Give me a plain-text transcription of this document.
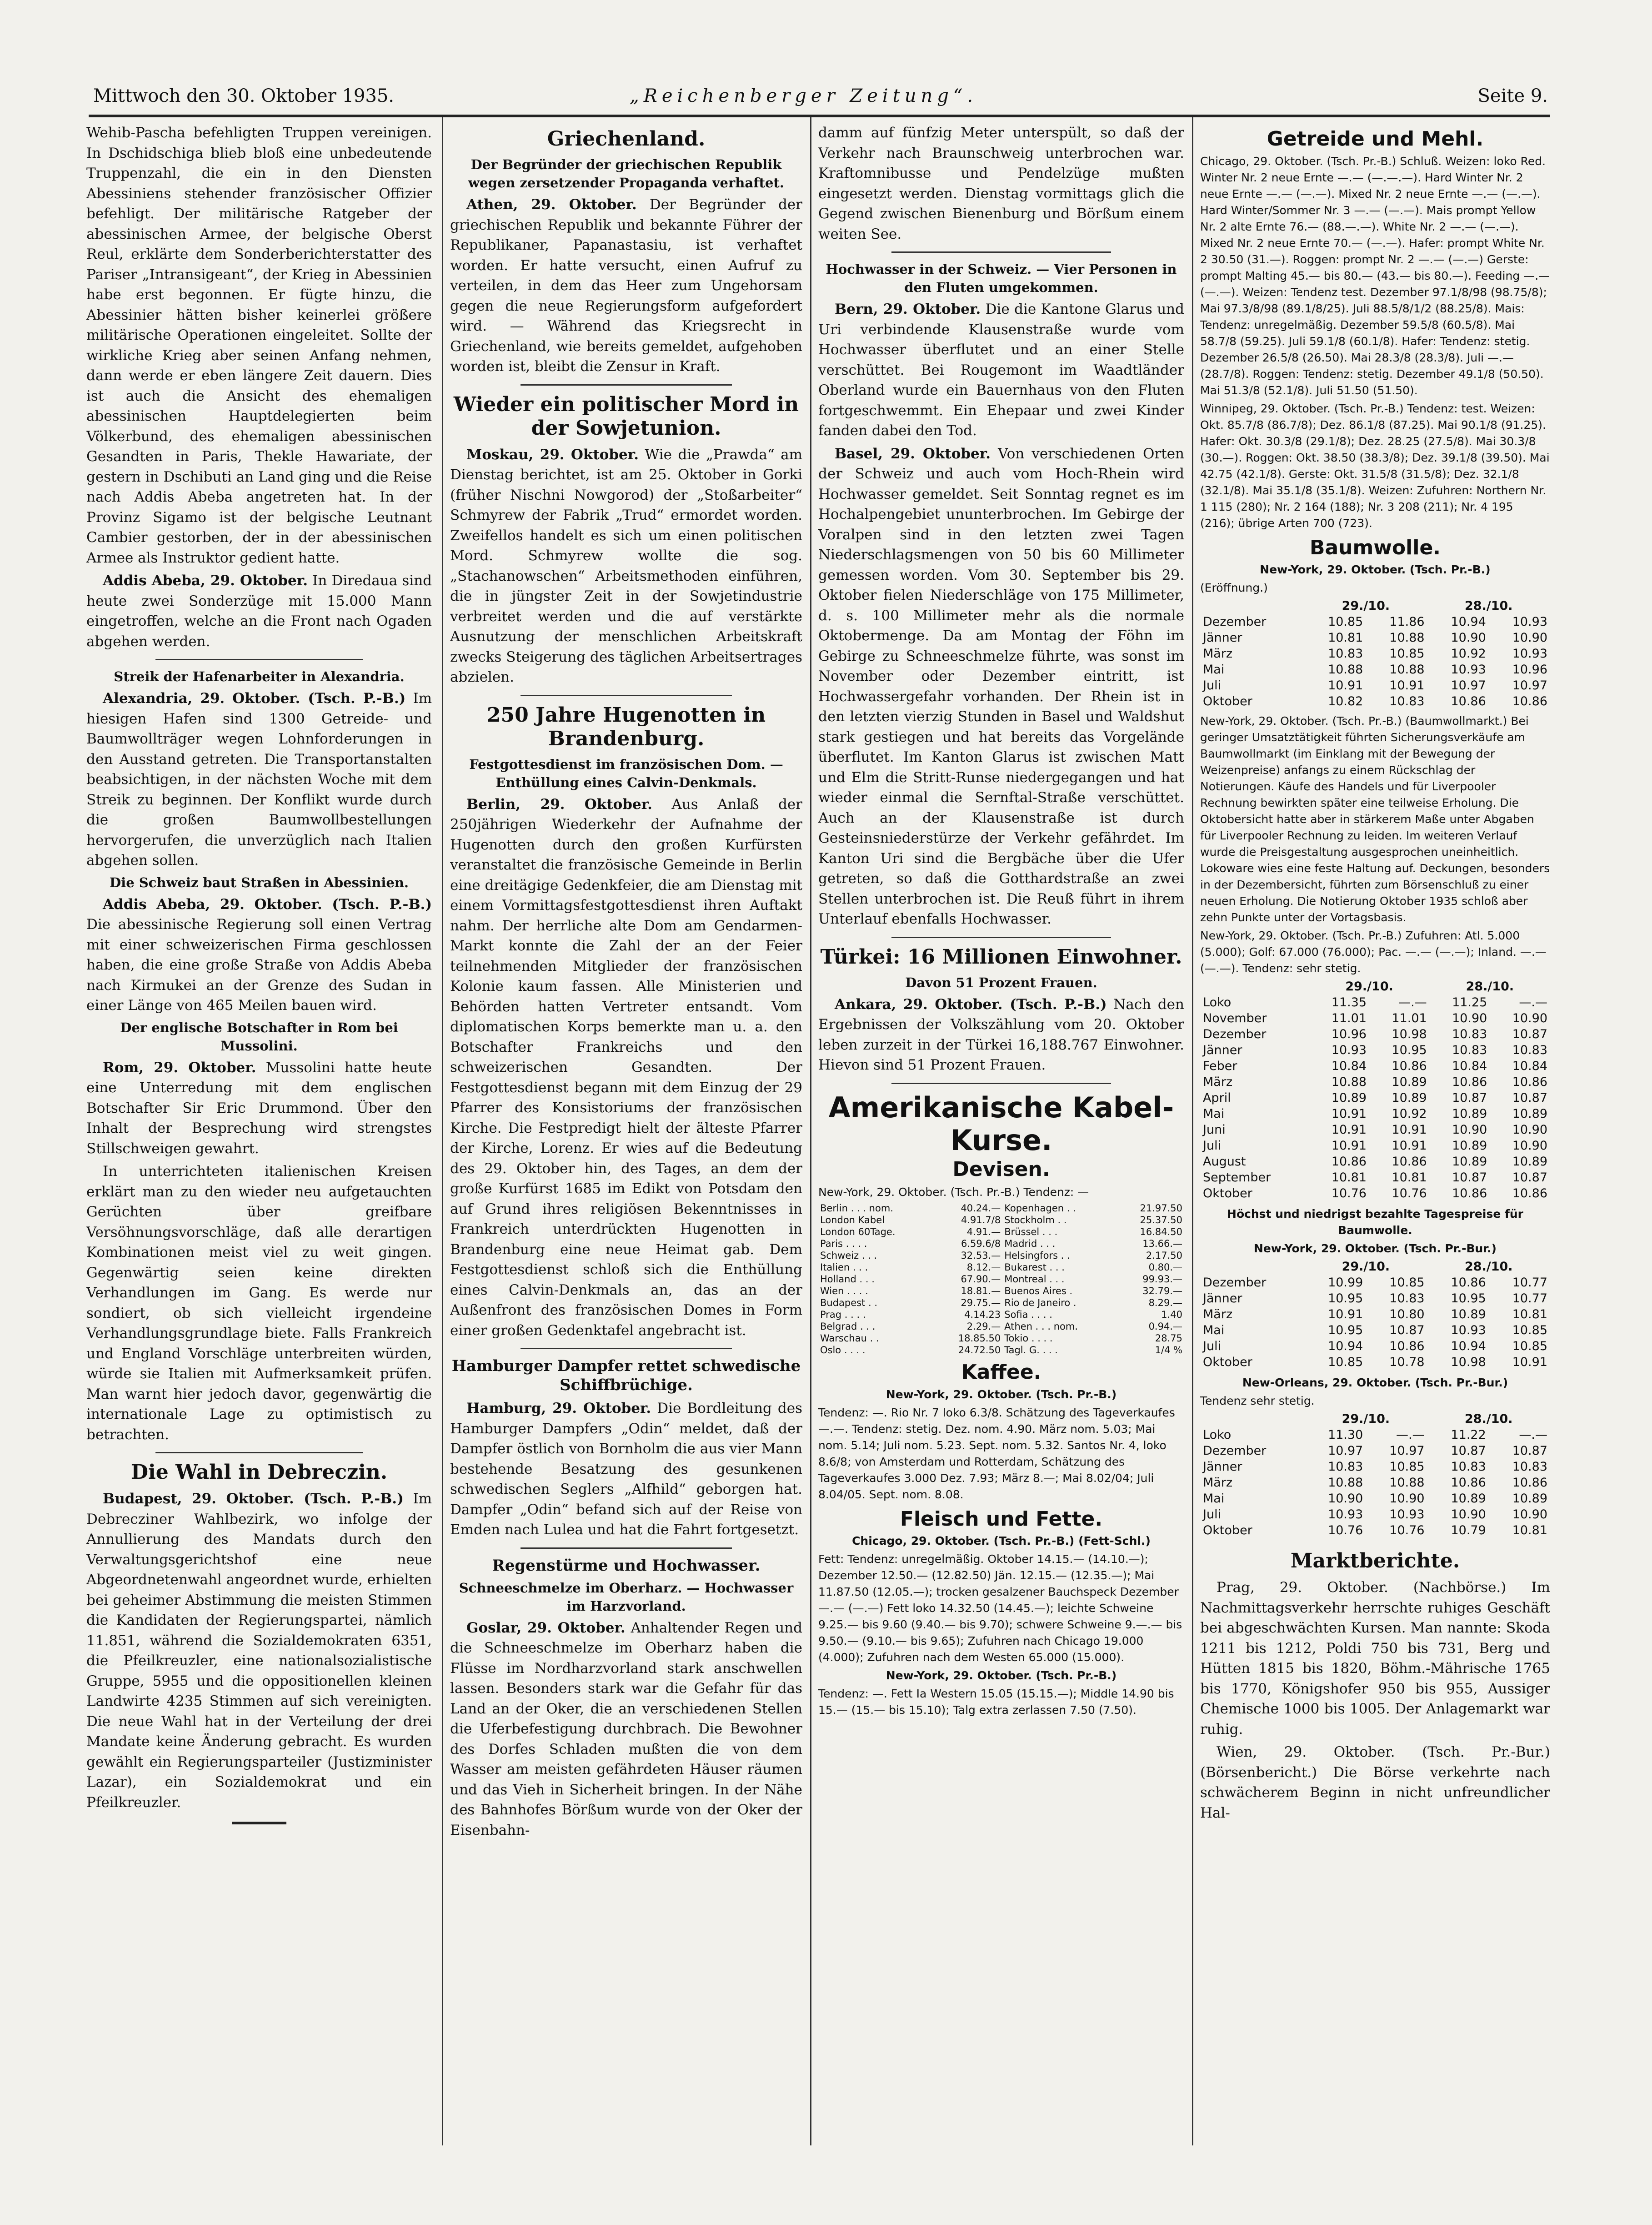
Mittwoch den 30. Oktober 1935.	„Reichenberger Zeitung“.	Seite 9.

Wehib-Pascha befehligten Truppen vereinigen. In Dschidschiga blieb bloß eine unbedeutende Truppenzahl, die ein in den Diensten Abessiniens stehender französischer Offizier befehligt. Der militärische Ratgeber der abessinischen Armee, der belgische Oberst Reul, erklärte dem Sonderberichterstatter des Pariser „Intransigeant“, der Krieg in Abessinien habe erst begonnen. Er fügte hinzu, die Abessinier hätten bisher keinerlei größere militärische Operationen eingeleitet. Sollte der wirkliche Krieg aber seinen Anfang nehmen, dann werde er eben längere Zeit dauern. Dies ist auch die Ansicht des ehemaligen abessinischen Hauptdelegierten beim Völkerbund, des ehemaligen abessinischen Gesandten in Paris, Thekle Hawariate, der gestern in Dschibuti an Land ging und die Reise nach Addis Abeba angetreten hat. In der Provinz Sigamo ist der belgische Leutnant Cambier gestorben, der in der abessinischen Armee als Instruktor gedient hatte.

Addis Abeba, 29. Oktober. In Diredaua sind heute zwei Sonderzüge mit 15.000 Mann eingetroffen, welche an die Front nach Ogaden abgehen werden.

Streik der Hafenarbeiter in Alexandria.

Alexandria, 29. Oktober. (Tsch. P.-B.) Im hiesigen Hafen sind 1300 Getreide- und Baumwollträger wegen Lohnforderungen in den Ausstand getreten. Die Transportanstalten beabsichtigen, in der nächsten Woche mit dem Streik zu beginnen. Der Konflikt wurde durch die großen Baumwollbestellungen hervorgerufen, die unverzüglich nach Italien abgehen sollen.

Die Schweiz baut Straßen in Abessinien.

Addis Abeba, 29. Oktober. (Tsch. P.-B.) Die abessinische Regierung soll einen Vertrag mit einer schweizerischen Firma geschlossen haben, die eine große Straße von Addis Abeba nach Kirmukei an der Grenze des Sudan in einer Länge von 465 Meilen bauen wird.

Der englische Botschafter in Rom bei Mussolini.

Rom, 29. Oktober. Mussolini hatte heute eine Unterredung mit dem englischen Botschafter Sir Eric Drummond. Über den Inhalt der Besprechung wird strengstes Stillschweigen gewahrt.

In unterrichteten italienischen Kreisen erklärt man zu den wieder neu aufgetauchten Gerüchten über greifbare Versöhnungsvorschläge, daß alle derartigen Kombinationen meist viel zu weit gingen. Gegenwärtig seien keine direkten Verhandlungen im Gang. Es werde nur sondiert, ob sich vielleicht irgendeine Verhandlungsgrundlage biete. Falls Frankreich und England Vorschläge unterbreiten würden, würde sie Italien mit Aufmerksamkeit prüfen. Man warnt hier jedoch davor, gegenwärtig die internationale Lage zu optimistisch zu betrachten.

Die Wahl in Debreczin.

Budapest, 29. Oktober. (Tsch. P.-B.) Im Debrecziner Wahlbezirk, wo infolge der Annullierung des Mandats durch den Verwaltungsgerichtshof eine neue Abgeordnetenwahl angeordnet wurde, erhielten bei geheimer Abstimmung die meisten Stimmen die Kandidaten der Regierungspartei, nämlich 11.851, während die Sozialdemokraten 6351, die Pfeilkreuzler, eine nationalsozialistische Gruppe, 5955 und die oppositionellen kleinen Landwirte 4235 Stimmen auf sich vereinigten. Die neue Wahl hat in der Verteilung der drei Mandate keine Änderung gebracht. Es wurden gewählt ein Regierungsparteiler (Justizminister Lazar), ein Sozialdemokrat und ein Pfeilkreuzler.

Griechenland.
Der Begründer der griechischen Republik wegen zersetzender Propaganda verhaftet.

Athen, 29. Oktober. Der Begründer der griechischen Republik und bekannte Führer der Republikaner, Papanastasiu, ist verhaftet worden. Er hatte versucht, einen Aufruf zu verteilen, in dem das Heer zum Ungehorsam gegen die neue Regierungsform aufgefordert wird. — Während das Kriegsrecht in Griechenland, wie bereits gemeldet, aufgehoben worden ist, bleibt die Zensur in Kraft.

Wieder ein politischer Mord in der Sowjetunion.

Moskau, 29. Oktober. Wie die „Prawda“ am Dienstag berichtet, ist am 25. Oktober in Gorki (früher Nischni Nowgorod) der „Stoßarbeiter“ Schmyrew der Fabrik „Trud“ ermordet worden. Zweifellos handelt es sich um einen politischen Mord. Schmyrew wollte die sog. „Stachanowschen“ Arbeitsmethoden einführen, die in jüngster Zeit in der Sowjetindustrie verbreitet werden und die auf verstärkte Ausnutzung der menschlichen Arbeitskraft zwecks Steigerung des täglichen Arbeitsertrages abzielen.

250 Jahre Hugenotten in Brandenburg.
Festgottesdienst im französischen Dom. — Enthüllung eines Calvin-Denkmals.

Berlin, 29. Oktober. Aus Anlaß der 250jährigen Wiederkehr der Aufnahme der Hugenotten durch den großen Kurfürsten veranstaltet die französische Gemeinde in Berlin eine dreitägige Gedenkfeier, die am Dienstag mit einem Vormittagsfestgottesdienst ihren Auftakt nahm. Der herrliche alte Dom am Gendarmen-Markt konnte die Zahl der an der Feier teilnehmenden Mitglieder der französischen Kolonie kaum fassen. Alle Ministerien und Behörden hatten Vertreter entsandt. Vom diplomatischen Korps bemerkte man u. a. den Botschafter Frankreichs und den schweizerischen Gesandten. Der Festgottesdienst begann mit dem Einzug der 29 Pfarrer des Konsistoriums der französischen Kirche. Die Festpredigt hielt der älteste Pfarrer der Kirche, Lorenz. Er wies auf die Bedeutung des 29. Oktober hin, des Tages, an dem der große Kurfürst 1685 im Edikt von Potsdam den auf Grund ihres religiösen Bekenntnisses in Frankreich unterdrückten Hugenotten in Brandenburg eine neue Heimat gab. Dem Festgottesdienst schloß sich die Enthüllung eines Calvin-Denkmals an, das an der Außenfront des französischen Domes in Form einer großen Gedenktafel angebracht ist.

Hamburger Dampfer rettet schwedische Schiffbrüchige.

Hamburg, 29. Oktober. Die Bordleitung des Hamburger Dampfers „Odin“ meldet, daß der Dampfer östlich von Bornholm die aus vier Mann bestehende Besatzung des gesunkenen schwedischen Seglers „Alfhild“ geborgen hat. Dampfer „Odin“ befand sich auf der Reise von Emden nach Lulea und hat die Fahrt fortgesetzt.

Regenstürme und Hochwasser.
Schneeschmelze im Oberharz. — Hochwasser im Harzvorland.

Goslar, 29. Oktober. Anhaltender Regen und die Schneeschmelze im Oberharz haben die Flüsse im Nordharzvorland stark anschwellen lassen. Besonders stark war die Gefahr für das Land an der Oker, die an verschiedenen Stellen die Uferbefestigung durchbrach. Die Bewohner des Dorfes Schladen mußten die von dem Wasser am meisten gefährdeten Häuser räumen und das Vieh in Sicherheit bringen. In der Nähe des Bahnhofes Börßum wurde von der Oker der Eisenbahn-

damm auf fünfzig Meter unterspült, so daß der Verkehr nach Braunschweig unterbrochen war. Kraftomnibusse und Pendelzüge mußten eingesetzt werden. Dienstag vormittags glich die Gegend zwischen Bienenburg und Börßum einem weiten See.

Hochwasser in der Schweiz. — Vier Personen in den Fluten umgekommen.

Bern, 29. Oktober. Die die Kantone Glarus und Uri verbindende Klausenstraße wurde vom Hochwasser überflutet und an einer Stelle verschüttet. Bei Rougemont im Waadtländer Oberland wurde ein Bauernhaus von den Fluten fortgeschwemmt. Ein Ehepaar und zwei Kinder fanden dabei den Tod.

Basel, 29. Oktober. Von verschiedenen Orten der Schweiz und auch vom Hoch-Rhein wird Hochwasser gemeldet. Seit Sonntag regnet es im Hochalpengebiet ununterbrochen. Im Gebirge der Voralpen sind in den letzten zwei Tagen Niederschlagsmengen von 50 bis 60 Millimeter gemessen worden. Vom 30. September bis 29. Oktober fielen Niederschläge von 175 Millimeter, d. s. 100 Millimeter mehr als die normale Oktobermenge. Da am Montag der Föhn im Gebirge zu Schneeschmelze führte, was sonst im November oder Dezember eintritt, ist Hochwassergefahr vorhanden. Der Rhein ist in den letzten vierzig Stunden in Basel und Waldshut stark gestiegen und hat bereits das Vorgelände überflutet. Im Kanton Glarus ist zwischen Matt und Elm die Stritt-Runse niedergegangen und hat wieder einmal die Sernftal-Straße verschüttet. Auch an der Klausenstraße ist durch Gesteinsniederstürze der Verkehr gefährdet. Im Kanton Uri sind die Bergbäche über die Ufer getreten, so daß die Gotthardstraße an zwei Stellen unterbrochen ist. Die Reuß führt in ihrem Unterlauf ebenfalls Hochwasser.

Türkei: 16 Millionen Einwohner.
Davon 51 Prozent Frauen.

Ankara, 29. Oktober. (Tsch. P.-B.) Nach den Ergebnissen der Volkszählung vom 20. Oktober leben zurzeit in der Türkei 16,188.767 Einwohner. Hievon sind 51 Prozent Frauen.

Amerikanische Kabel-Kurse.
Devisen.

New-York, 29. Oktober. (Tsch. Pr.-B.) Tendenz: —

Berlin . . . nom.	40.24.—	Kopenhagen . .	21.97.50
London Kabel	4.91.7/8	Stockholm . .	25.37.50
London 60Tage.	4.91.—	Brüssel . . .	16.84.50
Paris . . . .	6.59.6/8	Madrid . . .	13.66.—
Schweiz . . .	32.53.—	Helsingfors . .	2.17.50
Italien . . .	8.12.—	Bukarest . . .	0.80.—
Holland . . .	67.90.—	Montreal . . .	99.93.—
Wien . . . .	18.81.—	Buenos Aires .	32.79.—
Budapest . .	29.75.—	Rio de Janeiro .	8.29.—
Prag . . . .	4.14.23	Sofia . . . .	1.40
Belgrad . . .	2.29.—	Athen . . . nom.	0.94.—
Warschau . .	18.85.50	Tokio . . . .	28.75
Oslo . . . .	24.72.50	Tagl. G. . . .	1/4 %
Kaffee.

New-York, 29. Oktober. (Tsch. Pr.-B.)

Tendenz: —. Rio Nr. 7 loko 6.3/8. Schätzung des Tageverkaufes —.—. Tendenz: stetig. Dez. nom. 4.90. März nom. 5.03; Mai nom. 5.14; Juli nom. 5.23. Sept. nom. 5.32. Santos Nr. 4, loko 8.6/8; von Amsterdam und Rotterdam, Schätzung des Tageverkaufes 3.000 Dez. 7.93; März 8.—; Mai 8.02/04; Juli 8.04/05. Sept. nom. 8.08.

Fleisch und Fette.

Chicago, 29. Oktober. (Tsch. Pr.-B.) (Fett-Schl.)

Fett: Tendenz: unregelmäßig. Oktober 14.15.— (14.10.—); Dezember 12.50.— (12.82.50) Jän. 12.15.— (12.35.—); Mai 11.87.50 (12.05.—); trocken gesalzener Bauchspeck Dezember —.— (—.—) Fett loko 14.32.50 (14.45.—); leichte Schweine 9.25.— bis 9.60 (9.40.— bis 9.70); schwere Schweine 9.—.— bis 9.50.— (9.10.— bis 9.65); Zufuhren nach Chicago 19.000 (4.000); Zufuhren nach dem Westen 65.000 (15.000).

New-York, 29. Oktober. (Tsch. Pr.-B.)

Tendenz: —. Fett Ia Western 15.05 (15.15.—); Middle 14.90 bis 15.— (15.— bis 15.10); Talg extra zerlassen 7.50 (7.50).

Getreide und Mehl.

Chicago, 29. Oktober. (Tsch. Pr.-B.) Schluß. Weizen: loko Red. Winter Nr. 2 neue Ernte —.— (—.—.—). Hard Winter Nr. 2 neue Ernte —.— (—.—). Mixed Nr. 2 neue Ernte —.— (—.—). Hard Winter/Sommer Nr. 3 —.— (—.—). Mais prompt Yellow Nr. 2 alte Ernte 76.— (88.—.—). White Nr. 2 —.— (—.—). Mixed Nr. 2 neue Ernte 70.— (—.—). Hafer: prompt White Nr. 2 30.50 (31.—). Roggen: prompt Nr. 2 —.— (—.—) Gerste: prompt Malting 45.— bis 80.— (43.— bis 80.—). Feeding —.— (—.—). Weizen: Tendenz test. Dezember 97.1/8/98 (98.75/8); Mai 97.3/8/98 (89.1/8/25). Juli 88.5/8/1/2 (88.25/8). Mais: Tendenz: unregelmäßig. Dezember 59.5/8 (60.5/8). Mai 58.7/8 (59.25). Juli 59.1/8 (60.1/8). Hafer: Tendenz: stetig. Dezember 26.5/8 (26.50). Mai 28.3/8 (28.3/8). Juli —.— (28.7/8). Roggen: Tendenz: stetig. Dezember 49.1/8 (50.50). Mai 51.3/8 (52.1/8). Juli 51.50 (51.50).

Winnipeg, 29. Oktober. (Tsch. Pr.-B.) Tendenz: test. Weizen: Okt. 85.7/8 (86.7/8); Dez. 86.1/8 (87.25). Mai 90.1/8 (91.25). Hafer: Okt. 30.3/8 (29.1/8); Dez. 28.25 (27.5/8). Mai 30.3/8 (30.—). Roggen: Okt. 38.50 (38.3/8); Dez. 39.1/8 (39.50). Mai 42.75 (42.1/8). Gerste: Okt. 31.5/8 (31.5/8); Dez. 32.1/8 (32.1/8). Mai 35.1/8 (35.1/8). Weizen: Zufuhren: Northern Nr. 1 115 (280); Nr. 2 164 (188); Nr. 3 208 (211); Nr. 4 195 (216); übrige Arten 700 (723).

Baumwolle.

New-York, 29. Oktober. (Tsch. Pr.-B.)

(Eröffnung.)

	29./10.		28./10.	
Dezember	10.85	11.86	10.94	10.93
Jänner	10.81	10.88	10.90	10.90
März	10.83	10.85	10.92	10.93
Mai	10.88	10.88	10.93	10.96
Juli	10.91	10.91	10.97	10.97
Oktober	10.82	10.83	10.86	10.86

New-York, 29. Oktober. (Tsch. Pr.-B.) (Baumwollmarkt.) Bei geringer Umsatztätigkeit führten Sicherungsverkäufe am Baumwollmarkt (im Einklang mit der Bewegung der Weizenpreise) anfangs zu einem Rückschlag der Notierungen. Käufe des Handels und für Liverpooler Rechnung bewirkten später eine teilweise Erholung. Die Oktobersicht hatte aber in stärkerem Maße unter Abgaben für Liverpooler Rechnung zu leiden. Im weiteren Verlauf wurde die Preisgestaltung ausgesprochen uneinheitlich. Lokoware wies eine feste Haltung auf. Deckungen, besonders in der Dezembersicht, führten zum Börsenschluß zu einer neuen Erholung. Die Notierung Oktober 1935 schloß aber zehn Punkte unter der Vortagsbasis.

New-York, 29. Oktober. (Tsch. Pr.-B.) Zufuhren: Atl. 5.000 (5.000); Golf: 67.000 (76.000); Pac. —.— (—.—); Inland. —.— (—.—). Tendenz: sehr stetig.

	29./10.		28./10.	
Loko	11.35	—.—	11.25	—.—
November	11.01	11.01	10.90	10.90
Dezember	10.96	10.98	10.83	10.87
Jänner	10.93	10.95	10.83	10.83
Feber	10.84	10.86	10.84	10.84
März	10.88	10.89	10.86	10.86
April	10.89	10.89	10.87	10.87
Mai	10.91	10.92	10.89	10.89
Juni	10.91	10.91	10.90	10.90
Juli	10.91	10.91	10.89	10.90
August	10.86	10.86	10.89	10.89
September	10.81	10.81	10.87	10.87
Oktober	10.76	10.76	10.86	10.86

Höchst und niedrigst bezahlte Tagespreise für Baumwolle.

New-York, 29. Oktober. (Tsch. Pr.-Bur.)

	29./10.		28./10.	
Dezember	10.99	10.85	10.86	10.77
Jänner	10.95	10.83	10.95	10.77
März	10.91	10.80	10.89	10.81
Mai	10.95	10.87	10.93	10.85
Juli	10.94	10.86	10.94	10.85
Oktober	10.85	10.78	10.98	10.91

New-Orleans, 29. Oktober. (Tsch. Pr.-Bur.)

Tendenz sehr stetig.

	29./10.		28./10.	
Loko	11.30	—.—	11.22	—.—
Dezember	10.97	10.97	10.87	10.87
Jänner	10.83	10.85	10.83	10.83
März	10.88	10.88	10.86	10.86
Mai	10.90	10.90	10.89	10.89
Juli	10.93	10.93	10.90	10.90
Oktober	10.76	10.76	10.79	10.81
Marktberichte.

Prag, 29. Oktober. (Nachbörse.) Im Nachmittagsverkehr herrschte ruhiges Geschäft bei abgeschwächten Kursen. Man nannte: Skoda 1211 bis 1212, Poldi 750 bis 731, Berg und Hütten 1815 bis 1820, Böhm.-Mährische 1765 bis 1770, Königshofer 950 bis 955, Aussiger Chemische 1000 bis 1005. Der Anlagemarkt war ruhig.

Wien, 29. Oktober. (Tsch. Pr.-Bur.) (Börsenbericht.) Die Börse verkehrte nach schwächerem Beginn in nicht unfreundlicher Hal-
